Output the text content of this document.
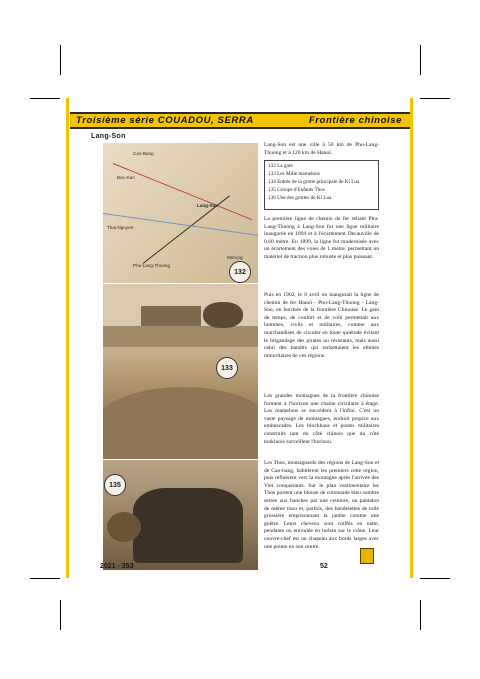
Troisième série COUADOU, SERRA	Frontière chinoise
Lang-Son
Cao-Bang
Bac-Kan
Lang-Son
Thai-Nguyen
Phu-Lang-Thuong
Moncay
132
133
135
Lang-Son est une ville à 50 km de Phu-Lang-Thuong et à 120 km de Hanoï.
132 La gare
133 Les Mille mamelons
134 Entrée de la grotte principale de Ki Lua
135 Groupe d'Enfants Thos
136 Une des grottes de Ki Lua
La première ligne de chemin de fer reliant Phu-Lang-Thuong à Lang-Son fut une ligne militaire inaugurée en 1894 et à l'écartement Decauville de 0,60 mètre. En 1899, la ligne fut modernisée avec un écartement des voies de 1 mètre, permettant un matériel de traction plus robuste et plus puissant.
Puis en 1902, le 8 avril on inaugurait la ligne de chemin de fer Hanoï - Phu-Lang-Thuong - Lang-Son, en bordure de la frontière Chinoise. Le gain de temps, de confort et de coût permettait aux hommes, civils et militaires, comme aux marchandises de circuler en toute quiétude évitant le brigandage des pirates ou résistants, mais aussi celui des bandits qui rackettaient les ethnies minoritaires de ces régions.
Les grandes montagnes de la frontière chinoise forment à l'horizon une chaîne circulaire à étage. Les mamelons se succèdent à l'infini. C'est un vaste paysage de montagnes, endroit propice aux embuscades. Les blockhaus et postes militaires construits tant du côté chinois que du côté tonkinois surveillent l'horizon.
Les Thos, montagnards des régions de Lang-Son et de Cao-bang, habitèrent les premiers cette région, puis refluèrent vers la montagne après l'arrivée des Viet conquérants. Sur le plan vestimentaire les Thos portent une blouse de cotonnade bleu sombre serrée aux hanches par une ceinture, un pantalon de même tissu et, parfois, des bandelettes de toile grossière emprisonnant la jambe comme une guêtre. Leurs cheveux sont coiffés en natte, pendante ou enroulée en turban sur le crâne. Leur couvre-chef est un chapeau aux bords larges avec une pointe en son centre.
2021 - 353	52
